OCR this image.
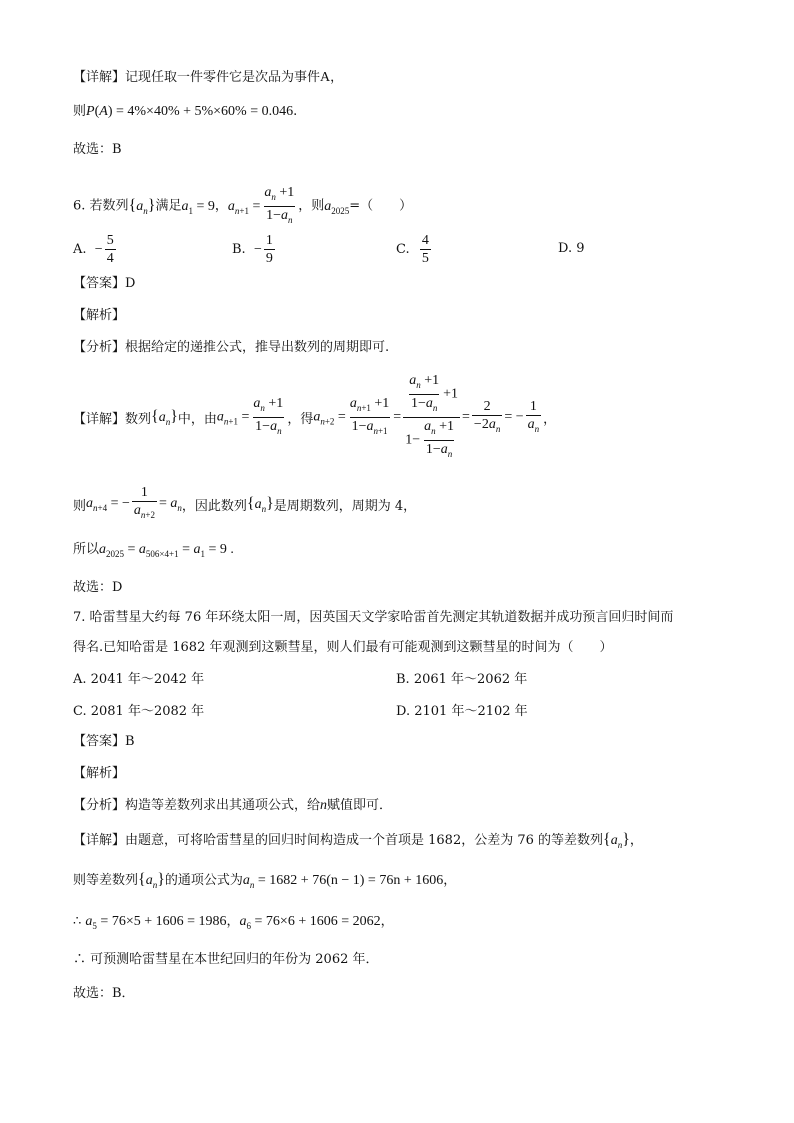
【详解】记现任取一件零件它是次品为事件A，
则P(A) = 4%×40% + 5%×60% = 0.046.
故选：B
6. 若数列$\{a_n\}$满足$a_1 = 9$，$a_{n+1} = \frac{a_n +1}{1-a_n}$ ，则$a_{2025}=$（　　）
A. − $\frac{5}{4}$	B. − $\frac{1}{9}$	C. $\frac{4}{5}$	D. 9
【答案】D
【解析】
【分析】根据给定的递推公式，推导出数列的周期即可.
【详解】 数列 $\{a_n\}$ 中，由 $a_{n+1} = \frac{a_n +1}{1-a_n}$ ，得 $a_{n+2} = \frac{a_{n+1} +1}{1-a_{n+1}} = \frac{\frac{a_n +1}{1-a_n} +1}{1- \frac{a_n +1}{1-a_n}} = \frac{2}{-2a_n}$ = − $\frac{1}{a_n}$ ，
则 $a_{n+4}$ = − $\frac{1}{a_{n+2}} = a_n$ ，因此数列 $\{a_n\}$ 是周期数列，周期为 4，
所以$a_{2025} = a_{506\times 4+1} = a_1 = 9$ .
故选：D
7. 哈雷彗星大约每 76 年环绕太阳一周，因英国天文学家哈雷首先测定其轨道数据并成功预言回归时间而
得名.已知哈雷是 1682 年观测到这颗彗星，则人们最有可能观测到这颗彗星的时间为（　　）
A. 2041 年～2042 年	B. 2061 年～2062 年
C. 2081 年～2082 年	D. 2101 年～2102 年
【答案】B
【解析】
【分析】构造等差数列求出其通项公式，给n赋值即可．
【详解】由题意，可将哈雷彗星的回归时间构造成一个首项是 1682，公差为 76 的等差数列$\{a_n\}$，
则等差数列$\{a_n\}$的通项公式为$a_n = 1682 + 76(n - 1) = 76n + 1606$，
∴ $a_5 = 76\times 5 + 1606 = 1986$，$a_6 = 76\times 6 + 1606 = 2062$，
∴ 可预测哈雷彗星在本世纪回归的年份为 2062 年．
故选：B．
